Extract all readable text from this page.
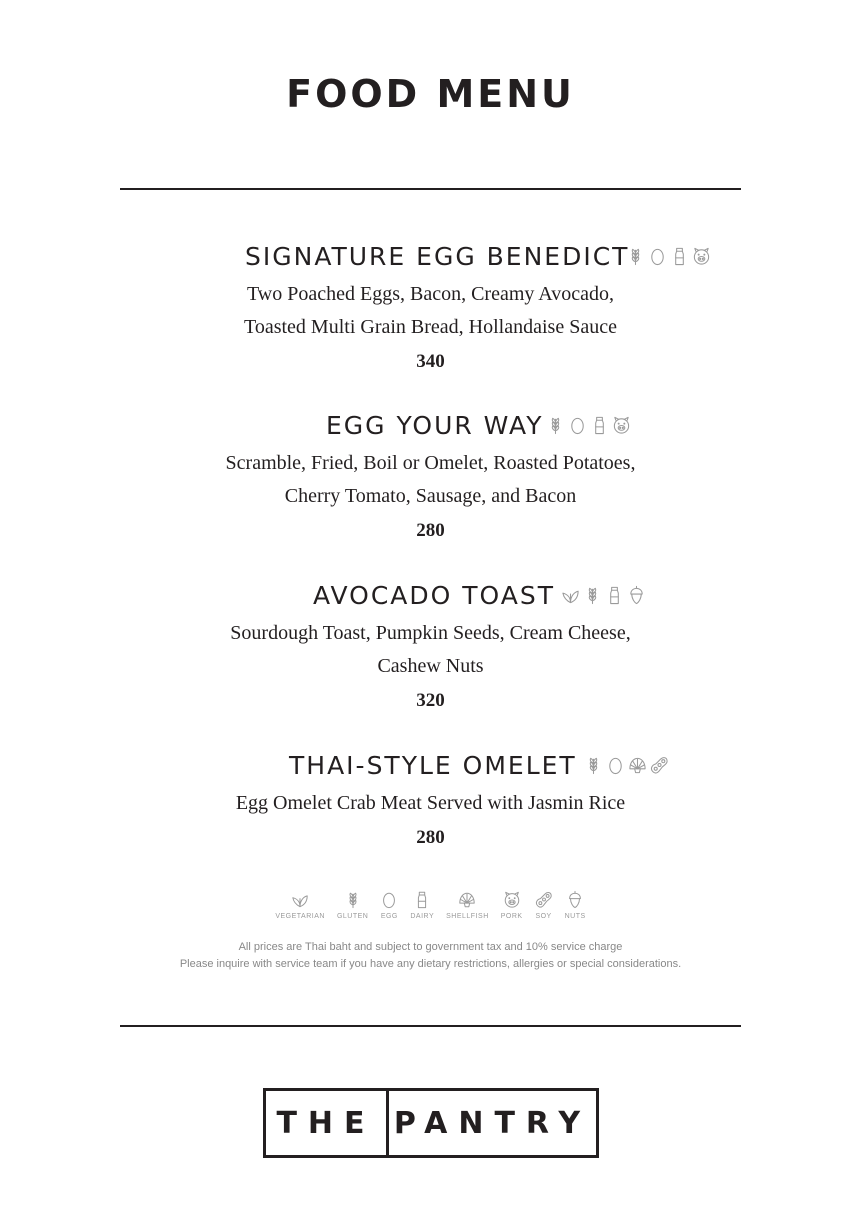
FOOD MENU
SIGNATURE EGG BENEDICT
Two Poached Eggs, Bacon, Creamy Avocado,
Toasted Multi Grain Bread, Hollandaise Sauce
340
EGG YOUR WAY
Scramble, Fried, Boil or Omelet, Roasted Potatoes,
Cherry Tomato, Sausage, and Bacon
280
AVOCADO TOAST
Sourdough Toast, Pumpkin Seeds, Cream Cheese,
Cashew Nuts
320
THAI-STYLE OMELET
Egg Omelet Crab Meat Served with Jasmin Rice
280
VEGETARIAN GLUTEN EGG DAIRY SHELLFISH PORK SOY NUTS
All prices are Thai baht and subject to government tax and 10% service charge
Please inquire with service team if you have any dietary restrictions, allergies or special considerations.
THE PANTRY
